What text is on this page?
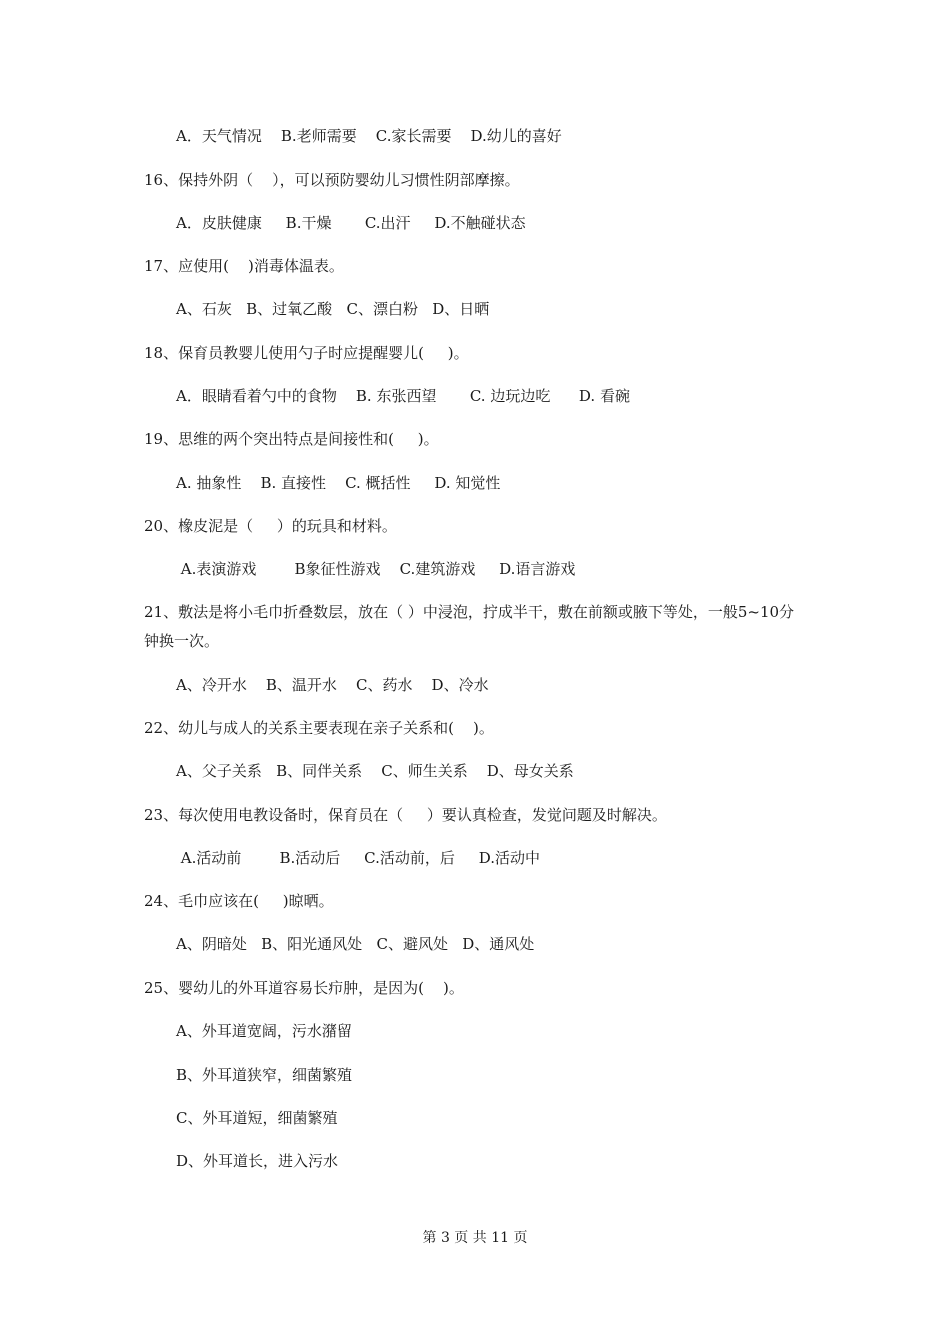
A．天气情况    B.老师需要    C.家长需要    D.幼儿的喜好
16、保持外阴（    ），可以预防婴幼儿习惯性阴部摩擦。
A．皮肤健康     B.干燥       C.出汗     D.不触碰状态
17、应使用(    )消毒体温表。
A、石灰   B、过氧乙酸   C、漂白粉   D、日晒
18、保育员教婴儿使用勺子时应提醒婴儿(     )。
A．眼睛看着勺中的食物    B. 东张西望       C. 边玩边吃      D. 看碗
19、思维的两个突出特点是间接性和(     )。
A. 抽象性    B. 直接性    C. 概括性     D. 知觉性
20、橡皮泥是（     ）的玩具和材料。
A.表演游戏        B象征性游戏    C.建筑游戏     D.语言游戏
21、敷法是将小毛巾折叠数层，放在（ ）中浸泡，拧成半干，敷在前额或腋下等处，一般5~10分钟换一次。
A、冷开水    B、温开水    C、药水    D、冷水
22、幼儿与成人的关系主要表现在亲子关系和(    )。
A、父子关系   B、同伴关系    C、师生关系    D、母女关系
23、每次使用电教设备时，保育员在（     ）要认真检查，发觉问题及时解决。
A.活动前        B.活动后     C.活动前，后     D.活动中
24、毛巾应该在(     )晾晒。
A、阴暗处   B、阳光通风处   C、避风处   D、通风处
25、婴幼儿的外耳道容易长疖肿，是因为(    )。
A、外耳道宽阔，污水潴留
B、外耳道狭窄，细菌繁殖
C、外耳道短，细菌繁殖
D、外耳道长，进入污水
第 3 页 共 11 页
